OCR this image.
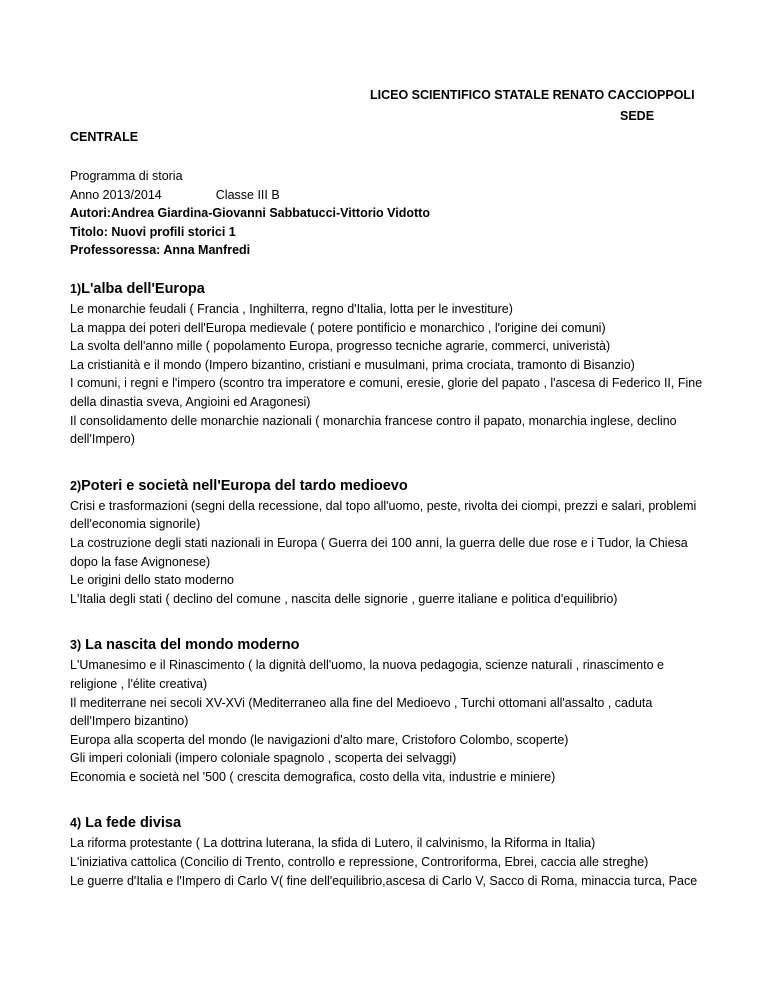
LICEO SCIENTIFICO STATALE RENATO CACCIOPPOLI
SEDE
CENTRALE
Programma di storia
Anno 2013/2014	Classe III B
Autori:Andrea Giardina-Giovanni Sabbatucci-Vittorio Vidotto
Titolo: Nuovi profili storici 1
Professoressa: Anna Manfredi
1)L'alba dell'Europa
Le monarchie feudali ( Francia , Inghilterra, regno d'Italia, lotta per le investiture)
La mappa dei poteri dell'Europa medievale ( potere pontificio e monarchico , l'origine dei comuni)
La svolta dell'anno mille ( popolamento Europa, progresso tecniche agrarie, commerci, univeristà)
La cristianità e il mondo (Impero bizantino, cristiani e musulmani, prima crociata, tramonto di Bisanzio)
I comuni, i regni e l'impero (scontro tra imperatore e comuni, eresie, glorie del papato , l'ascesa di Federico II, Fine della dinastia sveva, Angioini ed Aragonesi)
Il consolidamento delle monarchie nazionali ( monarchia francese contro il papato, monarchia inglese, declino dell'Impero)
2)Poteri e società nell'Europa del tardo medioevo
Crisi e trasformazioni (segni della recessione, dal topo all'uomo, peste, rivolta dei ciompi, prezzi e salari, problemi dell'economia signorile)
La costruzione degli stati nazionali in Europa ( Guerra dei 100 anni, la guerra delle due rose e i Tudor, la Chiesa dopo la fase Avignonese)
Le origini dello stato moderno
L'Italia degli stati ( declino del comune , nascita delle signorie , guerre italiane e politica d'equilibrio)
3) La nascita del mondo moderno
L'Umanesimo e il Rinascimento ( la dignità dell'uomo, la nuova pedagogia, scienze naturali , rinascimento e religione , l'élite creativa)
Il mediterrane nei secoli XV-XVi (Mediterraneo alla fine del Medioevo , Turchi ottomani all'assalto , caduta dell'Impero bizantino)
Europa alla scoperta del mondo (le navigazioni d'alto mare, Cristoforo Colombo, scoperte)
Gli imperi coloniali (impero coloniale spagnolo , scoperta dei selvaggi)
Economia e società nel '500 ( crescita demografica, costo della vita, industrie e miniere)
4) La fede divisa
La riforma protestante ( La dottrina luterana, la sfida di Lutero, il calvinismo, la Riforma in Italia)
L'iniziativa cattolica (Concilio di Trento, controllo e repressione, Controriforma, Ebrei, caccia alle streghe)
Le guerre d'Italia e l'Impero di Carlo V( fine dell'equilibrio,ascesa di Carlo V, Sacco di Roma, minaccia turca, Pace
